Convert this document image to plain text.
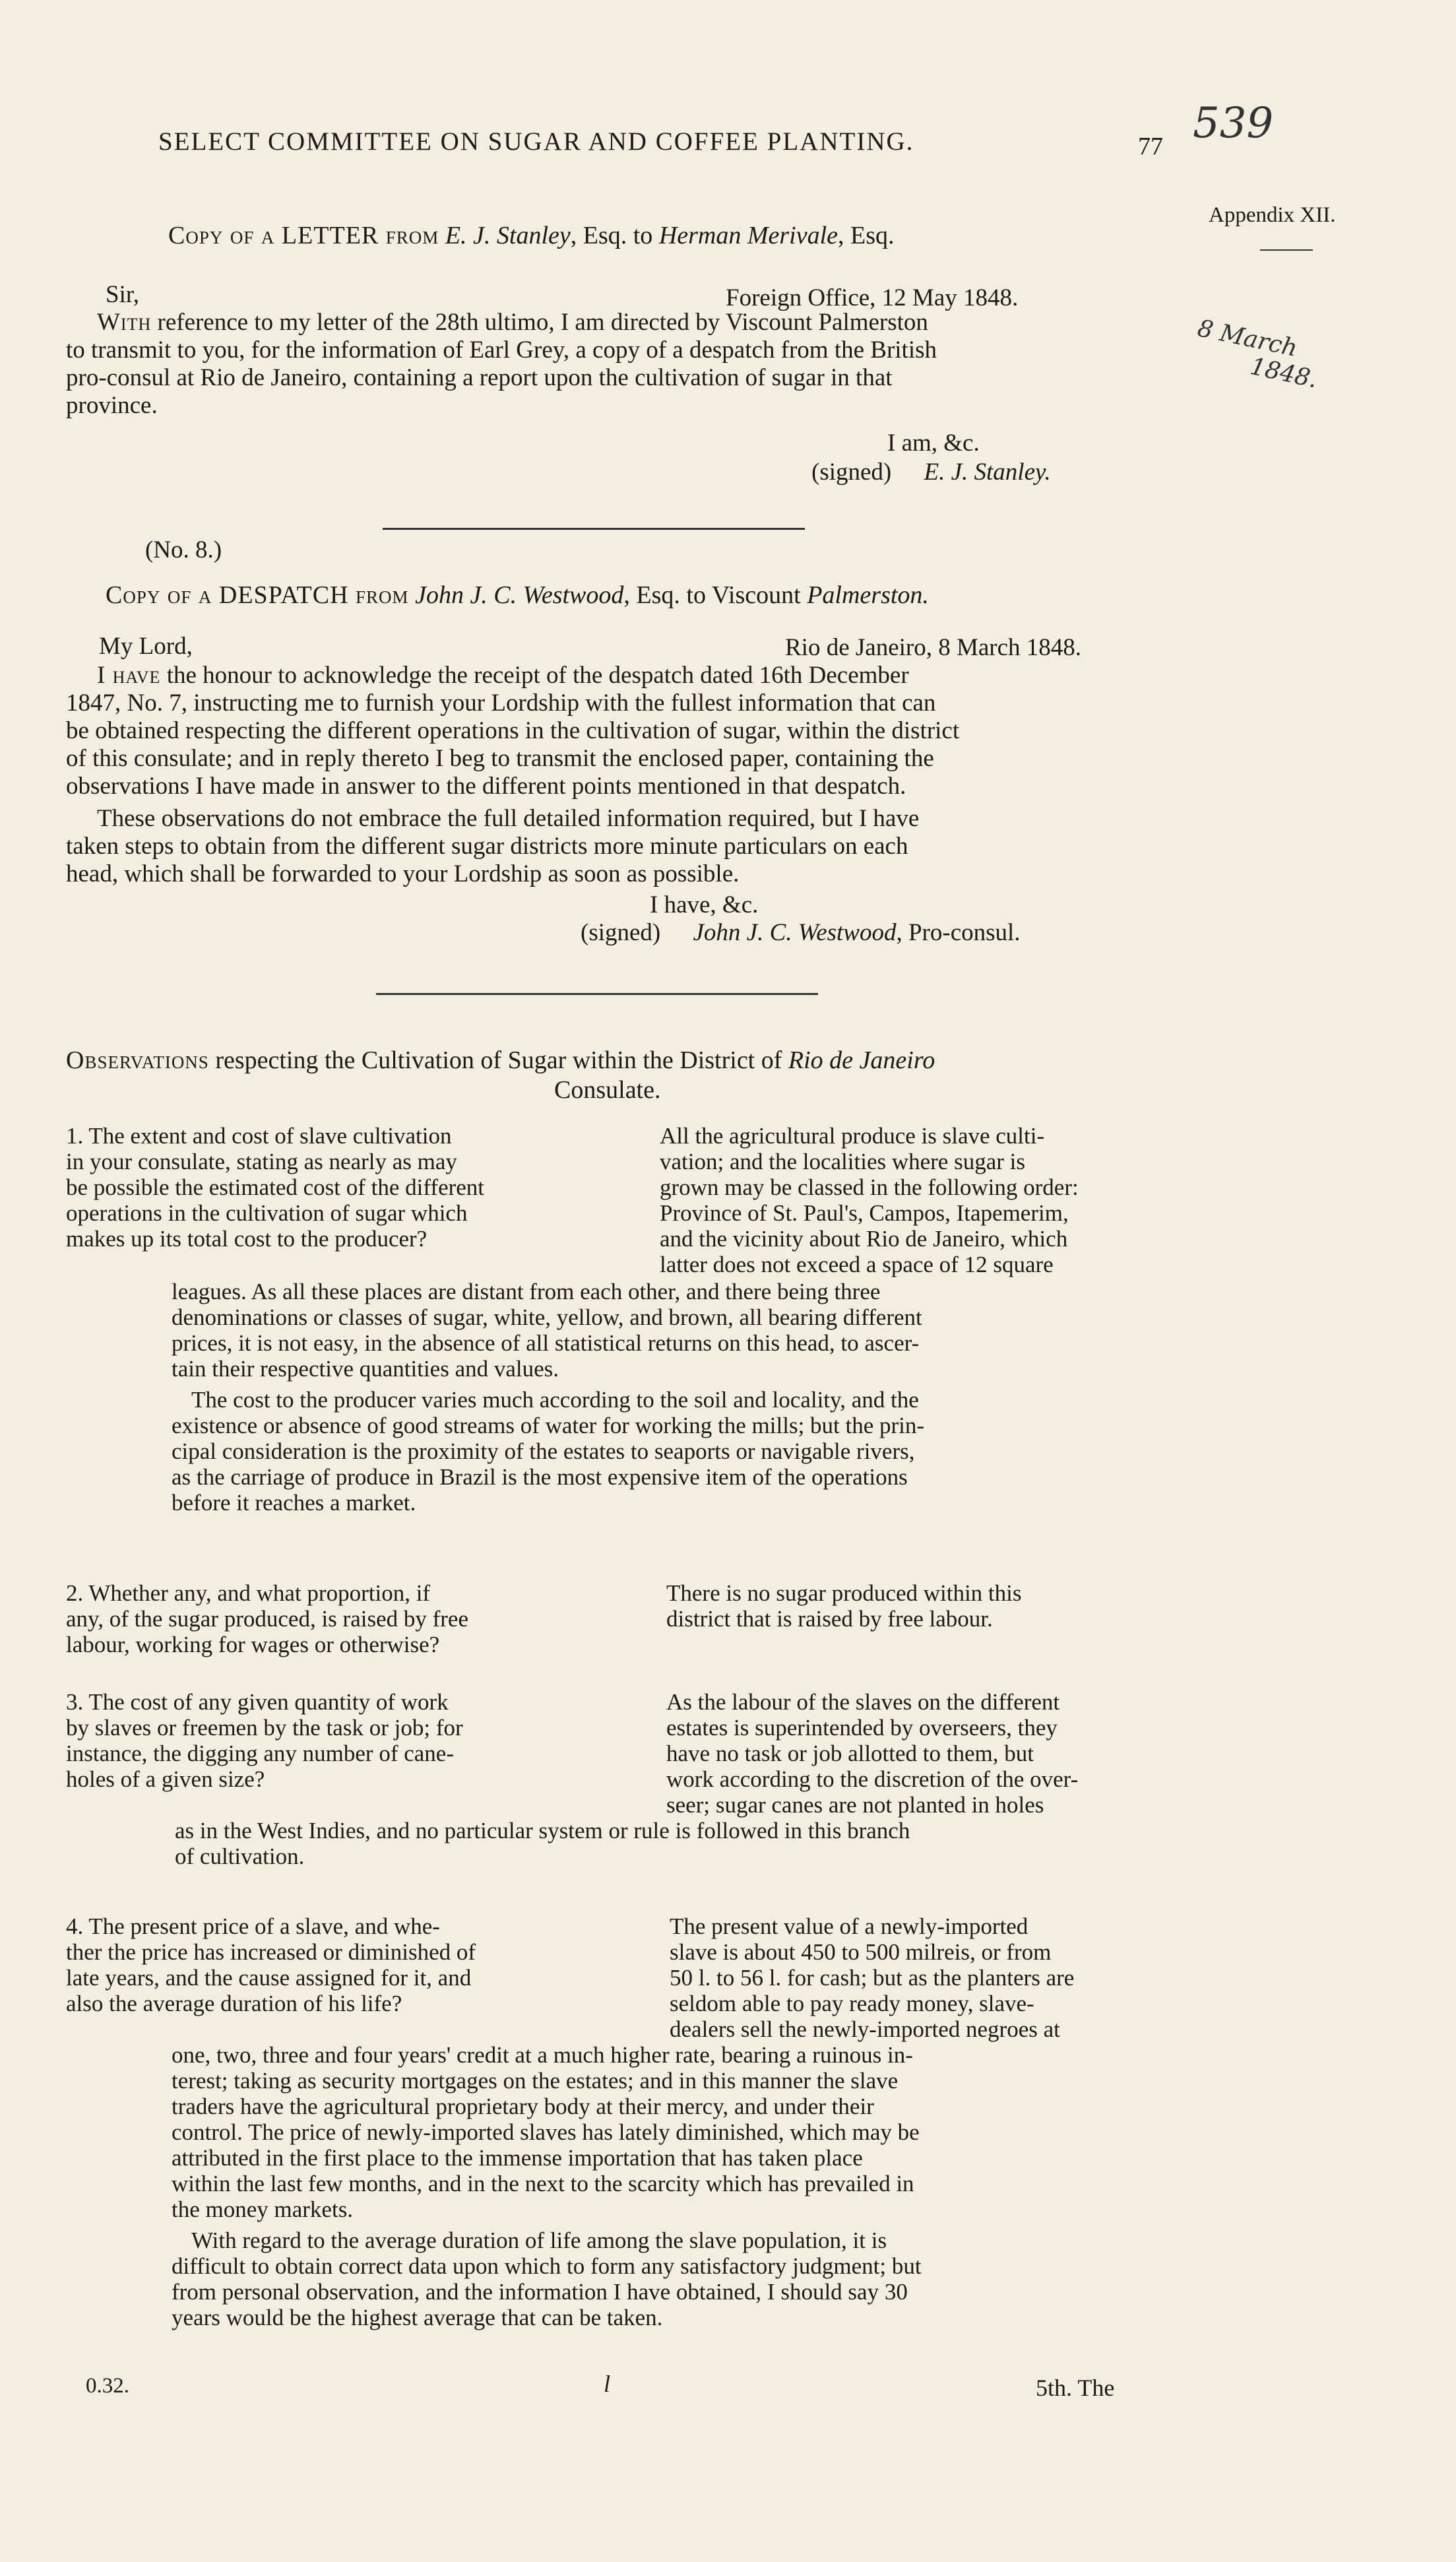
SELECT COMMITTEE ON SUGAR AND COFFEE PLANTING.	77 539
Appendix XII.
8 March
1848.
Copy of a LETTER from E. J. Stanley, Esq. to Herman Merivale, Esq.
Sir,	Foreign Office, 12 May 1848.
With reference to my letter of the 28th ultimo, I am directed by Viscount Palmerston
to transmit to you, for the information of Earl Grey, a copy of a despatch from the British
pro-consul at Rio de Janeiro, containing a report upon the cultivation of sugar in that
province.
I am, &c.
(signed) E. J. Stanley.
(No. 8.)
Copy of a DESPATCH from John J. C. Westwood, Esq. to Viscount Palmerston.
My Lord,	Rio de Janeiro, 8 March 1848.
I have the honour to acknowledge the receipt of the despatch dated 16th December
1847, No. 7, instructing me to furnish your Lordship with the fullest information that can
be obtained respecting the different operations in the cultivation of sugar, within the district
of this consulate; and in reply thereto I beg to transmit the enclosed paper, containing the
observations I have made in answer to the different points mentioned in that despatch.
These observations do not embrace the full detailed information required, but I have
taken steps to obtain from the different sugar districts more minute particulars on each
head, which shall be forwarded to your Lordship as soon as possible.
I have, &c.
(signed) John J. C. Westwood, Pro-consul.
Observations respecting the Cultivation of Sugar within the District of Rio de Janeiro
Consulate.
1. The extent and cost of slave cultivation
in your consulate, stating as nearly as may
be possible the estimated cost of the different
operations in the cultivation of sugar which
makes up its total cost to the producer?
All the agricultural produce is slave culti-
vation; and the localities where sugar is
grown may be classed in the following order:
Province of St. Paul's, Campos, Itapemerim,
and the vicinity about Rio de Janeiro, which
latter does not exceed a space of 12 square
leagues. As all these places are distant from each other, and there being three
denominations or classes of sugar, white, yellow, and brown, all bearing different
prices, it is not easy, in the absence of all statistical returns on this head, to ascer-
tain their respective quantities and values.
The cost to the producer varies much according to the soil and locality, and the
existence or absence of good streams of water for working the mills; but the prin-
cipal consideration is the proximity of the estates to seaports or navigable rivers,
as the carriage of produce in Brazil is the most expensive item of the operations
before it reaches a market.
2. Whether any, and what proportion, if
any, of the sugar produced, is raised by free
labour, working for wages or otherwise?
There is no sugar produced within this
district that is raised by free labour.
3. The cost of any given quantity of work
by slaves or freemen by the task or job; for
instance, the digging any number of cane-
holes of a given size?
As the labour of the slaves on the different
estates is superintended by overseers, they
have no task or job allotted to them, but
work according to the discretion of the over-
seer; sugar canes are not planted in holes
as in the West Indies, and no particular system or rule is followed in this branch
of cultivation.
4. The present price of a slave, and whe-
ther the price has increased or diminished of
late years, and the cause assigned for it, and
also the average duration of his life?
The present value of a newly-imported
slave is about 450 to 500 milreis, or from
50 l. to 56 l. for cash; but as the planters are
seldom able to pay ready money, slave-
dealers sell the newly-imported negroes at
one, two, three and four years' credit at a much higher rate, bearing a ruinous in-
terest; taking as security mortgages on the estates; and in this manner the slave
traders have the agricultural proprietary body at their mercy, and under their
control. The price of newly-imported slaves has lately diminished, which may be
attributed in the first place to the immense importation that has taken place
within the last few months, and in the next to the scarcity which has prevailed in
the money markets.
With regard to the average duration of life among the slave population, it is
difficult to obtain correct data upon which to form any satisfactory judgment; but
from personal observation, and the information I have obtained, I should say 30
years would be the highest average that can be taken.
0.32.	l	5th. The
